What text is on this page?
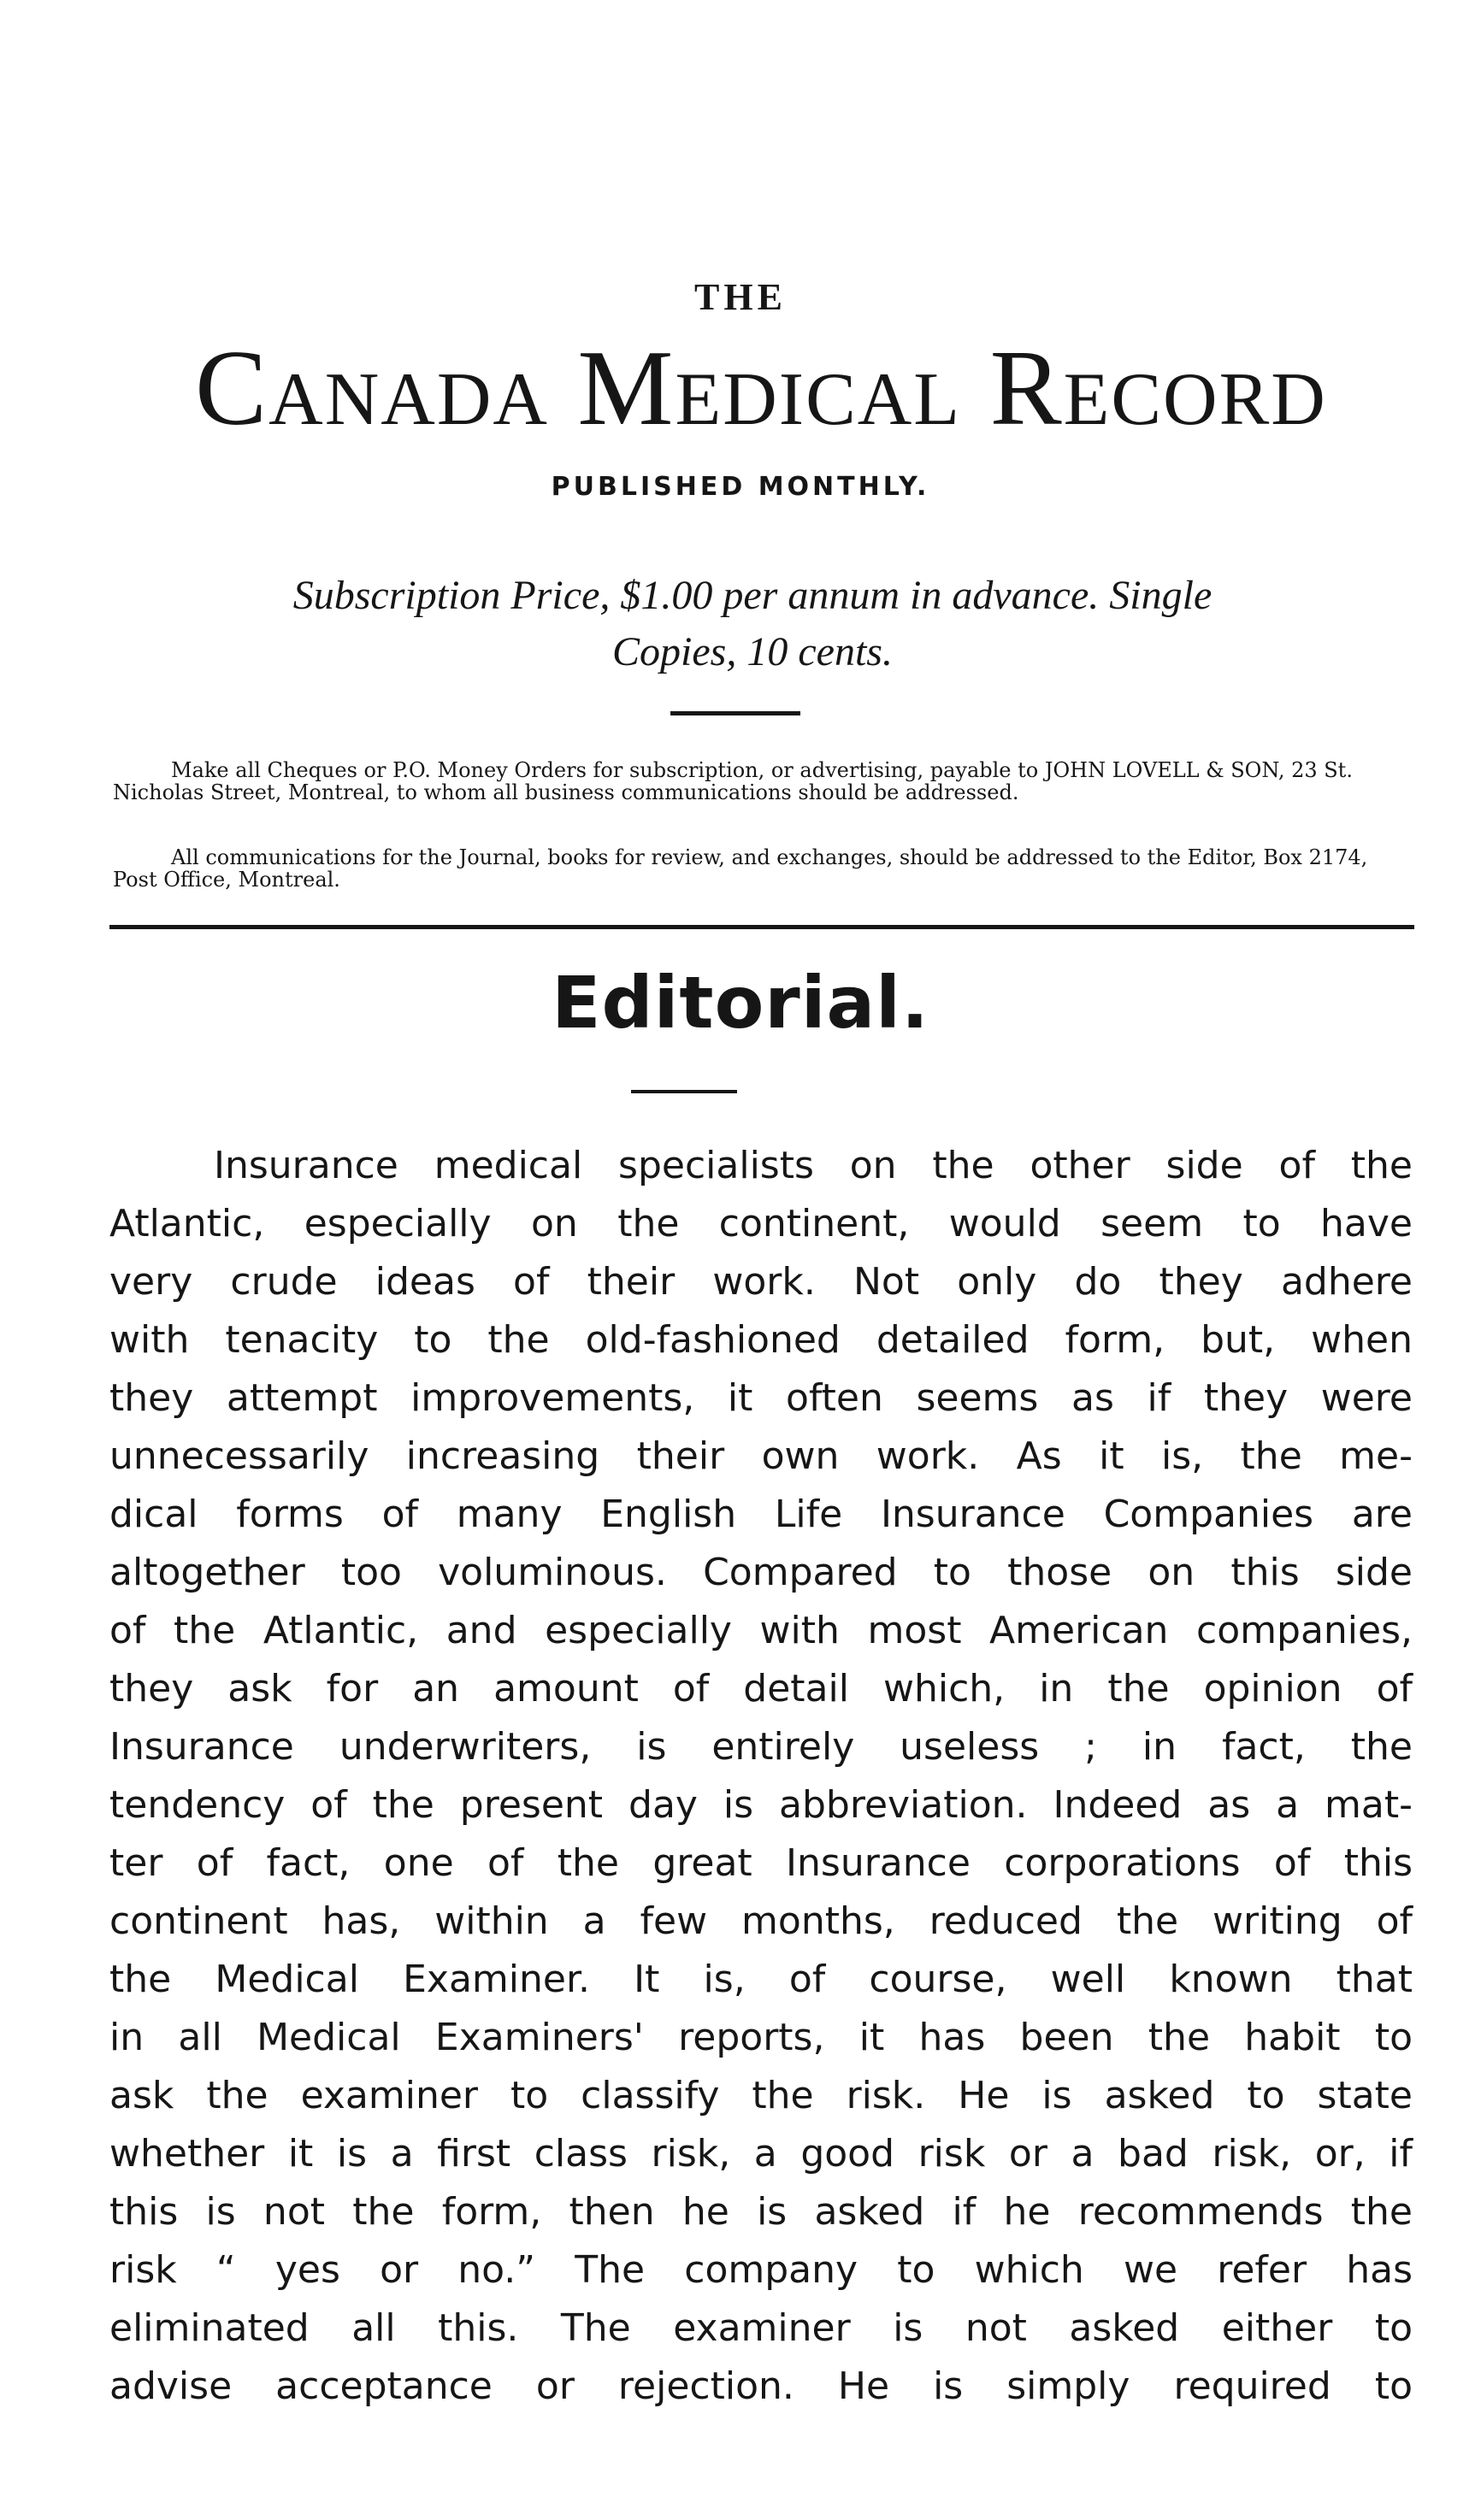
THE
Canada Medical Record
PUBLISHED MONTHLY.
Subscription Price, $1.00 per annum in advance. Single
Copies, 10 cents.
Make all Cheques or P.O. Money Orders for subscription, or advertising, payable to JOHN LOVELL & SON, 23 St. Nicholas Street, Montreal, to whom all business communications should be addressed.
All communications for the Journal, books for review, and exchanges, should be addressed to the Editor, Box 2174, Post Office, Montreal.
Editorial.
Insurance medical specialists on the other side of the
Atlantic, especially on the continent, would seem to have
very crude ideas of their work. Not only do they adhere
with tenacity to the old-fashioned detailed form, but, when
they attempt improvements, it often seems as if they were
unnecessarily increasing their own work. As it is, the me-
dical forms of many English Life Insurance Companies are
altogether too voluminous. Compared to those on this side
of the Atlantic, and especially with most American companies,
they ask for an amount of detail which, in the opinion of
Insurance underwriters, is entirely useless ; in fact, the
tendency of the present day is abbreviation. Indeed as a mat-
ter of fact, one of the great Insurance corporations of this
continent has, within a few months, reduced the writing of
the Medical Examiner. It is, of course, well known that
in all Medical Examiners' reports, it has been the habit to
ask the examiner to classify the risk. He is asked to state
whether it is a first class risk, a good risk or a bad risk, or, if
this is not the form, then he is asked if he recommends the
risk “ yes or no.” The company to which we refer has
eliminated all this. The examiner is not asked either to
advise acceptance or rejection. He is simply required to
